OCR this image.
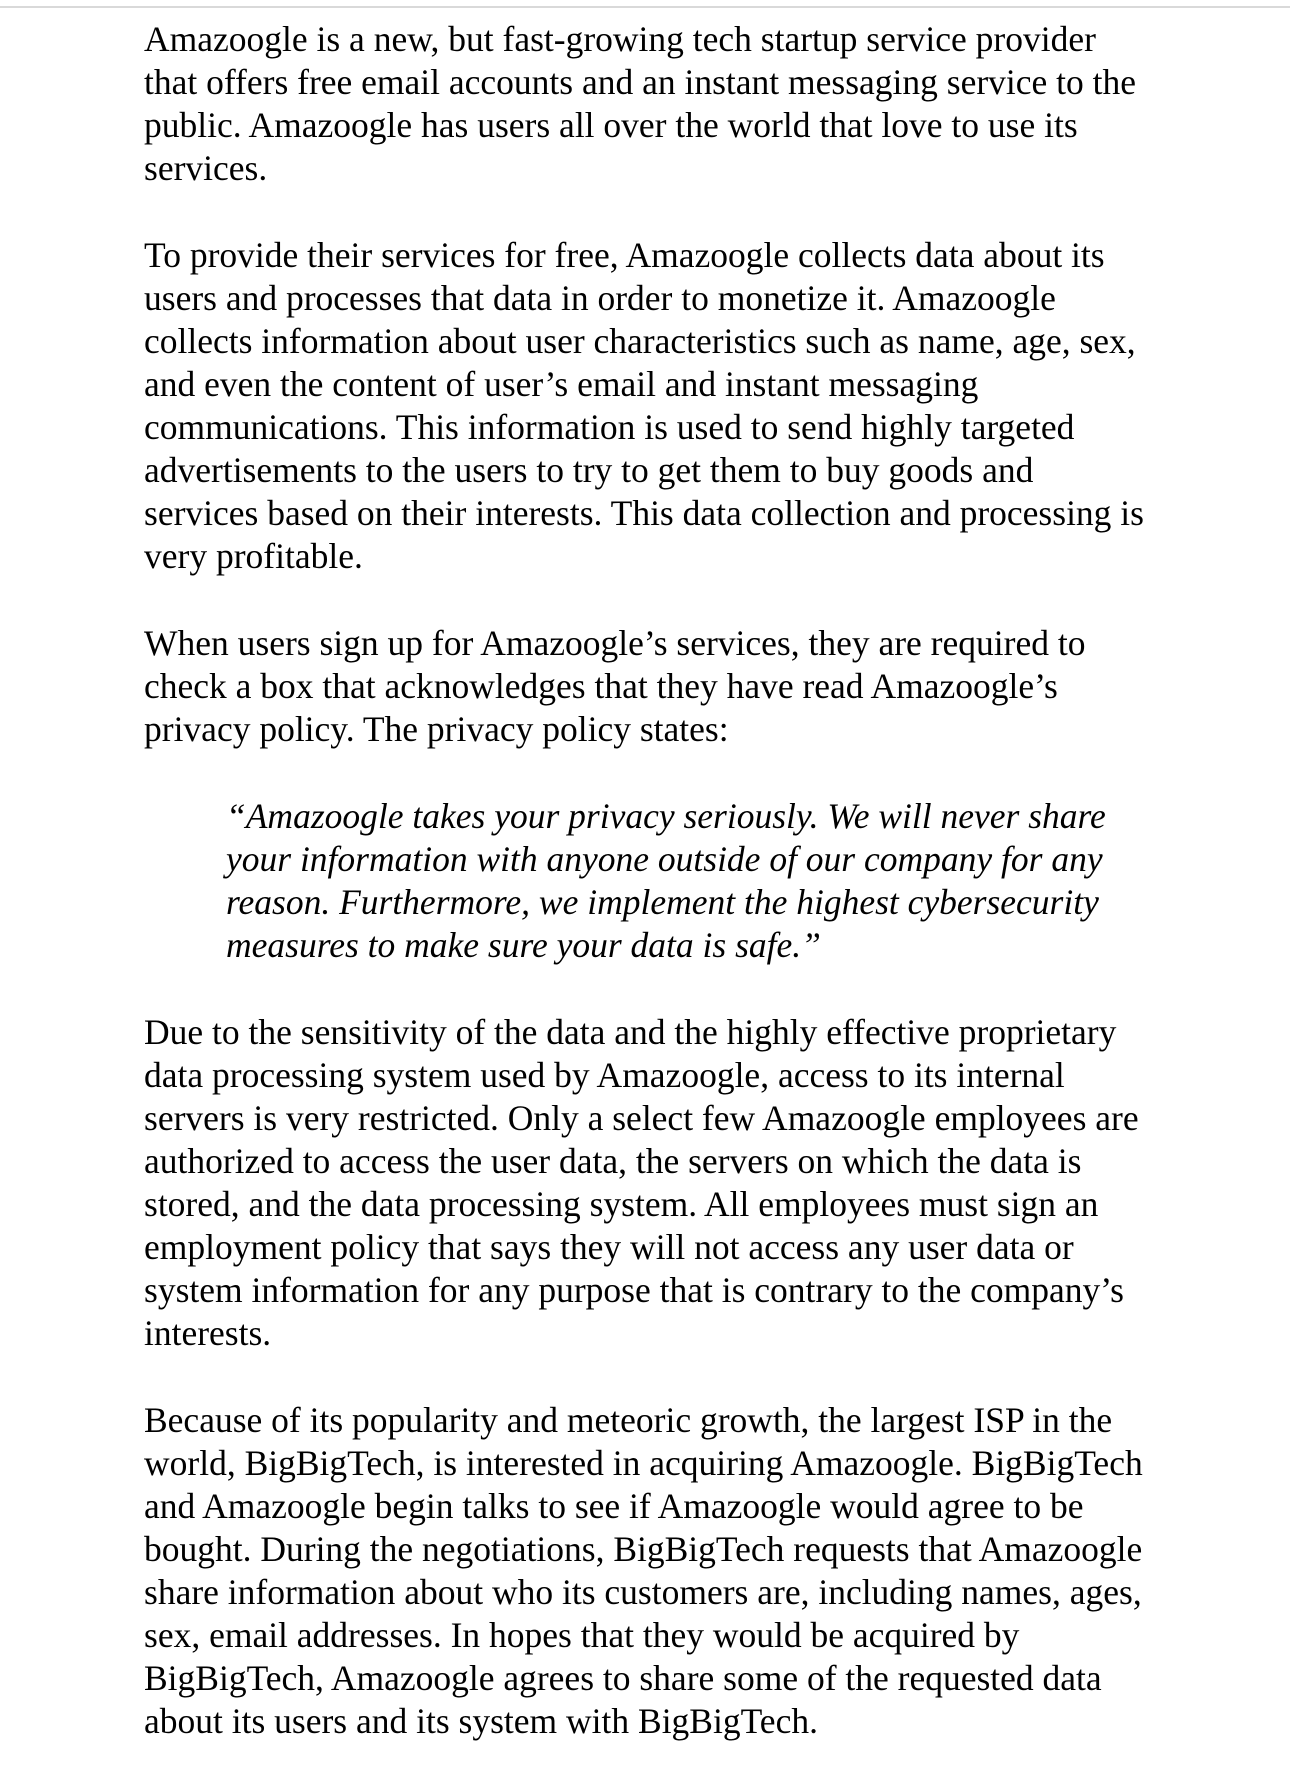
Amazoogle is a new, but fast-growing tech startup service provider
that offers free email accounts and an instant messaging service to the
public. Amazoogle has users all over the world that love to use its
services.

To provide their services for free, Amazoogle collects data about its
users and processes that data in order to monetize it. Amazoogle
collects information about user characteristics such as name, age, sex,
and even the content of user’s email and instant messaging
communications. This information is used to send highly targeted
advertisements to the users to try to get them to buy goods and
services based on their interests. This data collection and processing is
very profitable.

When users sign up for Amazoogle’s services, they are required to
check a box that acknowledges that they have read Amazoogle’s
privacy policy. The privacy policy states:

“Amazoogle takes your privacy seriously. We will never share
your information with anyone outside of our company for any
reason. Furthermore, we implement the highest cybersecurity
measures to make sure your data is safe.”

Due to the sensitivity of the data and the highly effective proprietary
data processing system used by Amazoogle, access to its internal
servers is very restricted. Only a select few Amazoogle employees are
authorized to access the user data, the servers on which the data is
stored, and the data processing system. All employees must sign an
employment policy that says they will not access any user data or
system information for any purpose that is contrary to the company’s
interests.

Because of its popularity and meteoric growth, the largest ISP in the
world, BigBigTech, is interested in acquiring Amazoogle. BigBigTech
and Amazoogle begin talks to see if Amazoogle would agree to be
bought. During the negotiations, BigBigTech requests that Amazoogle
share information about who its customers are, including names, ages,
sex, email addresses. In hopes that they would be acquired by
BigBigTech, Amazoogle agrees to share some of the requested data
about its users and its system with BigBigTech.
